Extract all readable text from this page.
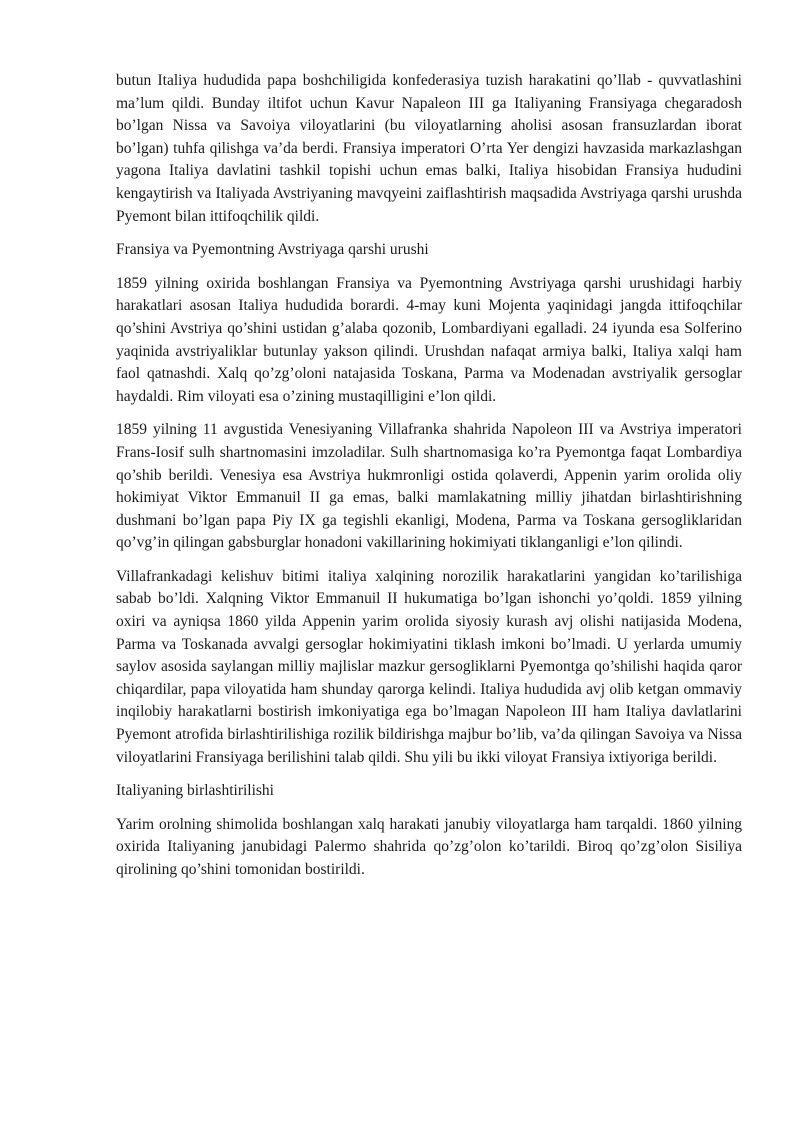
butun Italiya hududida papa boshchiligida konfederasiya tuzish harakatini qo’llab - quvvatlashini ma’lum qildi. Bunday iltifot uchun Kavur Napaleon III ga Italiyaning Fransiyaga chegaradosh bo’lgan Nissa va Savoiya viloyatlarini (bu viloyatlarning aholisi asosan fransuzlardan iborat bo’lgan) tuhfa qilishga va’da berdi. Fransiya imperatori O’rta Yer dengizi havzasida markazlashgan yagona Italiya davlatini tashkil topishi uchun emas balki, Italiya hisobidan Fransiya hududini kengaytirish va Italiyada Avstriyaning mavqyeini zaiflashtirish maqsadida Avstriyaga qarshi urushda Pyemont bilan ittifoqchilik qildi.

Fransiya va Pyemontning Avstriyaga qarshi urushi

1859 yilning oxirida boshlangan Fransiya va Pyemontning Avstriyaga qarshi urushidagi harbiy harakatlari asosan Italiya hududida borardi. 4-may kuni Mojenta yaqinidagi jangda ittifoqchilar qo’shini Avstriya qo’shini ustidan g’alaba qozonib, Lombardiyani egalladi. 24 iyunda esa Solferino yaqinida avstriyaliklar butunlay yakson qilindi. Urushdan nafaqat armiya balki, Italiya xalqi ham faol qatnashdi. Xalq qo’zg’oloni natajasida Toskana, Parma va Modenadan avstriyalik gersoglar haydaldi. Rim viloyati esa o’zining mustaqilligini e’lon qildi.

1859 yilning 11 avgustida Venesiyaning Villafranka shahrida Napoleon III va Avstriya imperatori Frans-Iosif sulh shartnomasini imzoladilar. Sulh shartnomasiga ko’ra Pyemontga faqat Lombardiya qo’shib berildi. Venesiya esa Avstriya hukmronligi ostida qolaverdi, Appenin yarim orolida oliy hokimiyat Viktor Emmanuil II ga emas, balki mamlakatning milliy jihatdan birlashtirishning dushmani bo’lgan papa Piy IX ga tegishli ekanligi, Modena, Parma va Toskana gersogliklaridan qo’vg’in qilingan gabsburglar honadoni vakillarining hokimiyati tiklanganligi e’lon qilindi.

Villafrankadagi kelishuv bitimi italiya xalqining norozilik harakatlarini yangidan ko’tarilishiga sabab bo’ldi. Xalqning Viktor Emmanuil II hukumatiga bo’lgan ishonchi yo’qoldi. 1859 yilning oxiri va ayniqsa 1860 yilda Appenin yarim orolida siyosiy kurash avj olishi natijasida Modena, Parma va Toskanada avvalgi gersoglar hokimiyatini tiklash imkoni bo’lmadi. U yerlarda umumiy saylov asosida saylangan milliy majlislar mazkur gersogliklarni Pyemontga qo’shilishi haqida qaror chiqardilar, papa viloyatida ham shunday qarorga kelindi. Italiya hududida avj olib ketgan ommaviy inqilobiy harakatlarni bostirish imkoniyatiga ega bo’lmagan Napoleon III ham Italiya davlatlarini Pyemont atrofida birlashtirilishiga rozilik bildirishga majbur bo’lib, va’da qilingan Savoiya va Nissa viloyatlarini Fransiyaga berilishini talab qildi. Shu yili bu ikki viloyat Fransiya ixtiyoriga berildi.

Italiyaning birlashtirilishi

Yarim orolning shimolida boshlangan xalq harakati janubiy viloyatlarga ham tarqaldi. 1860 yilning oxirida Italiyaning janubidagi Palermo shahrida qo’zg’olon ko’tarildi. Biroq qo’zg’olon Sisiliya qirolining qo’shini tomonidan bostirildi.
